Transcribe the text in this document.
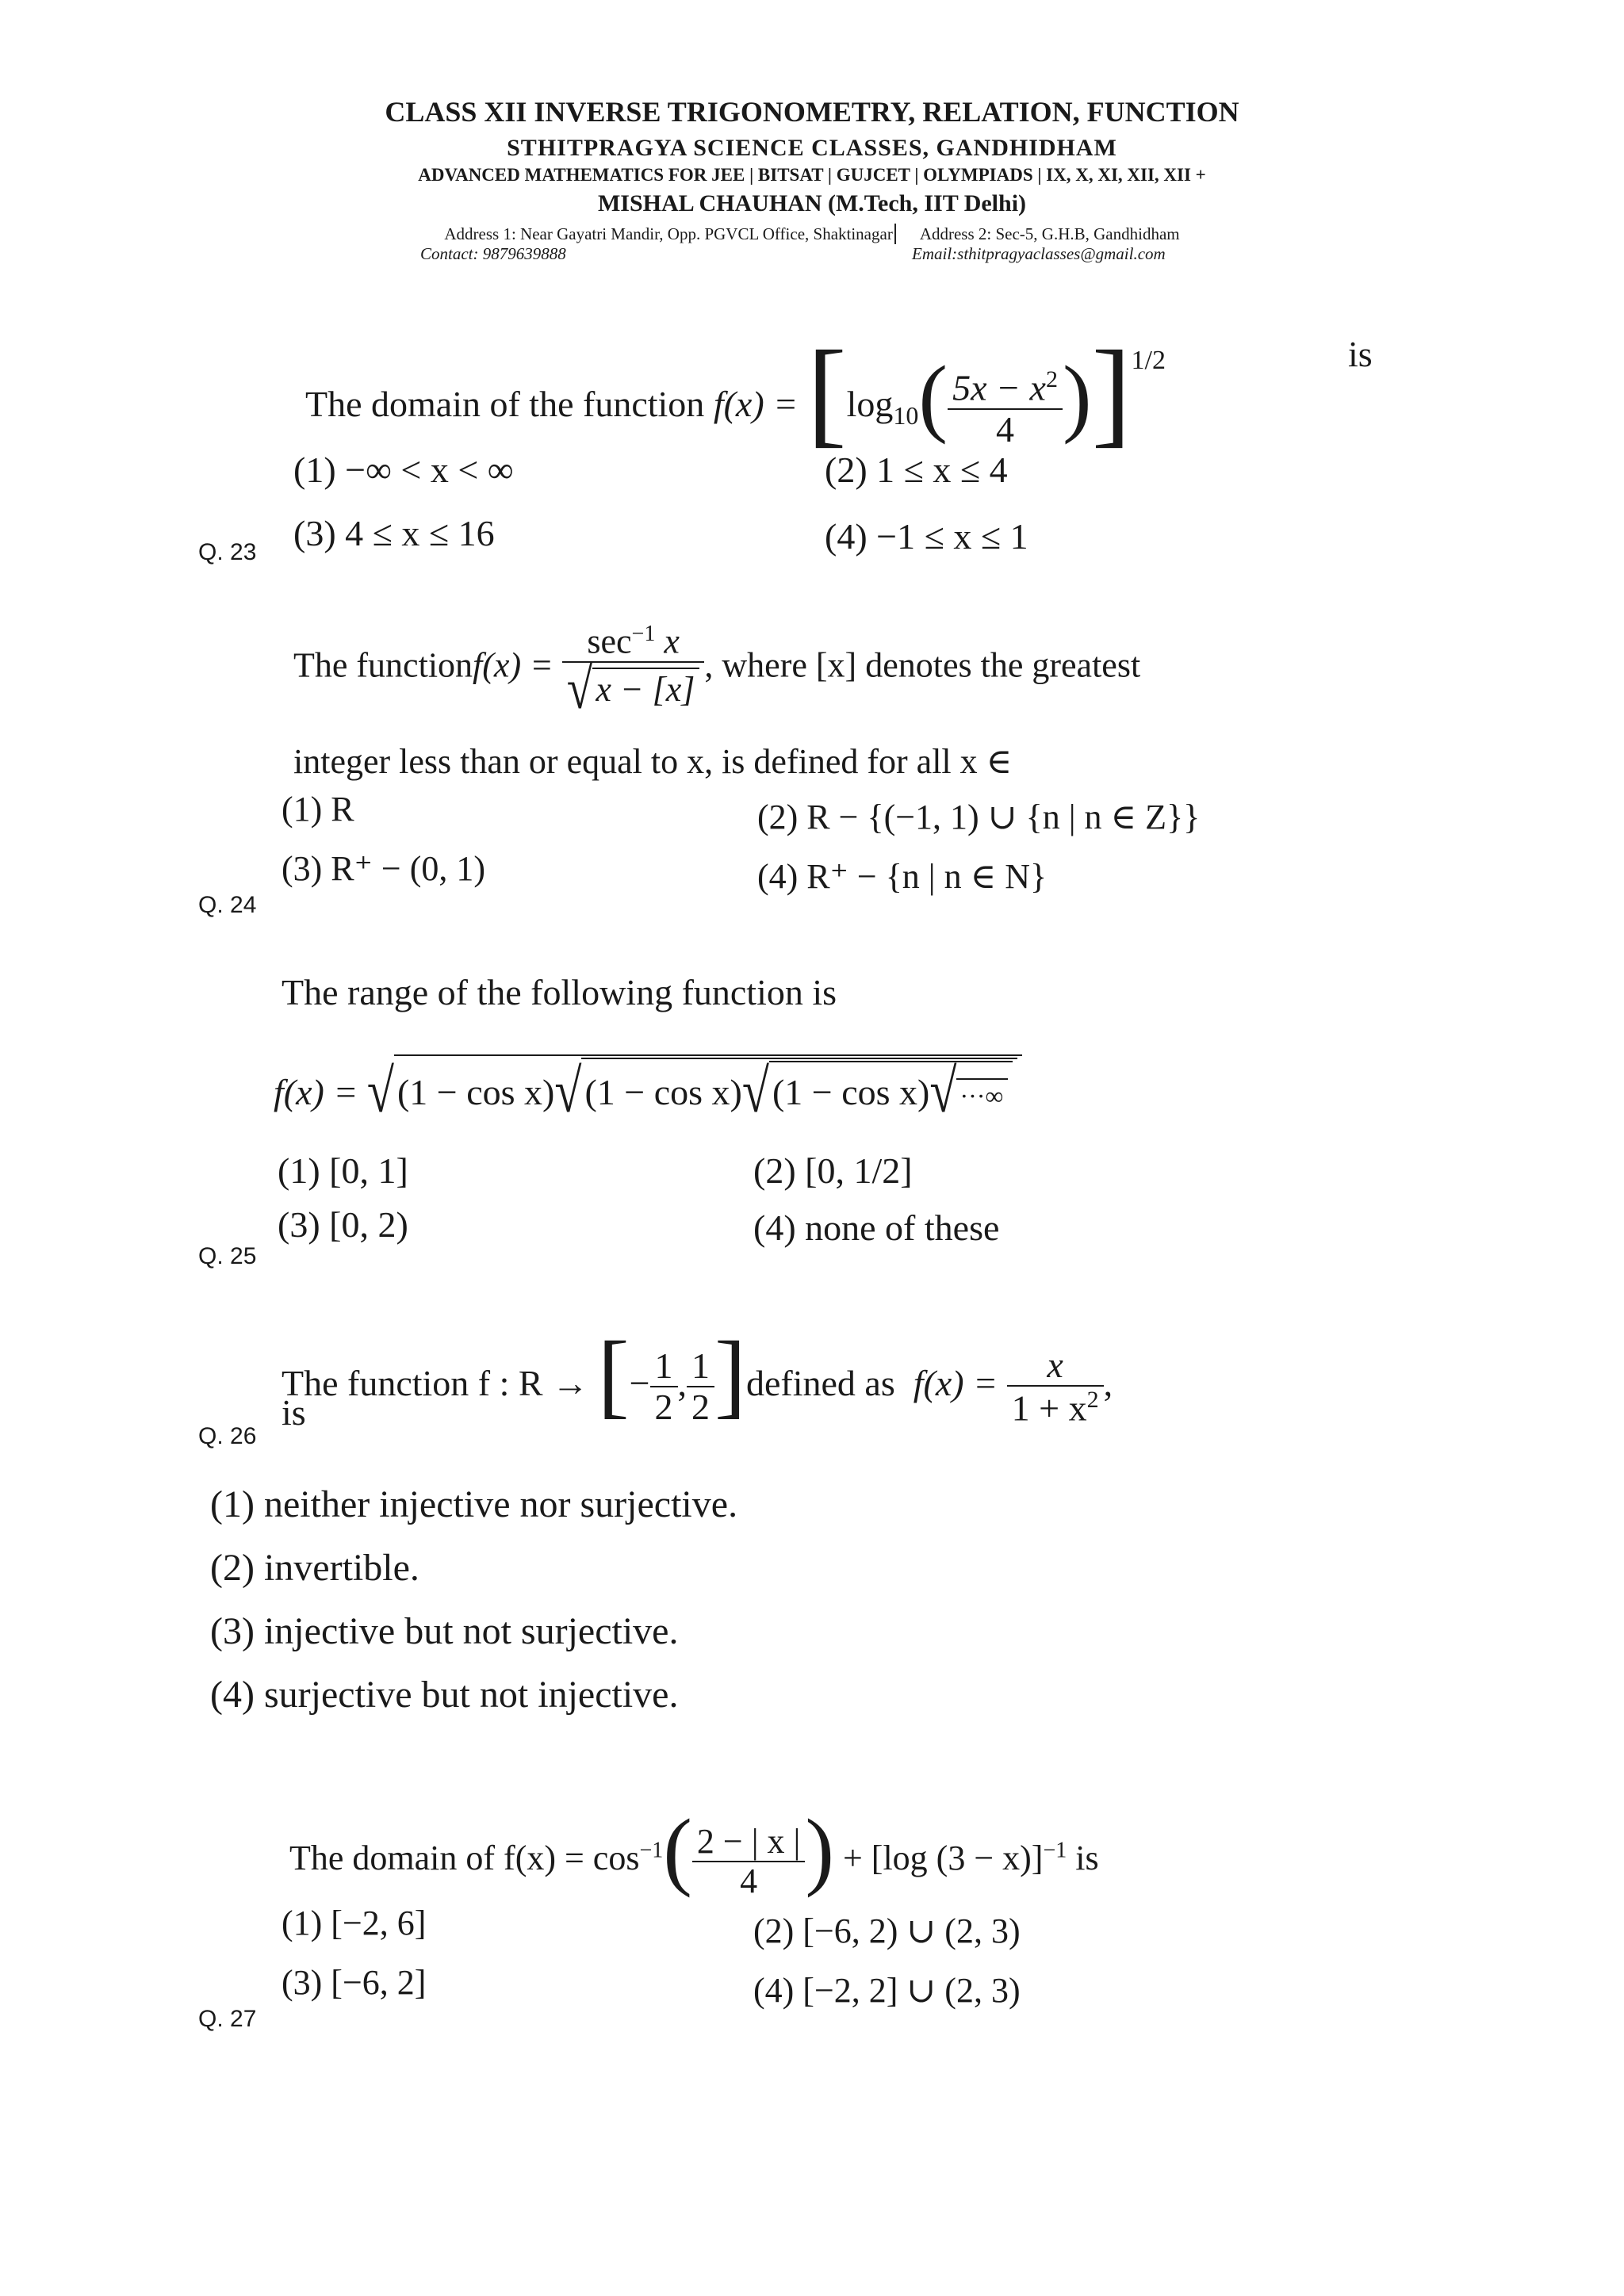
CLASS XII INVERSE TRIGONOMETRY, RELATION, FUNCTION
STHITPRAGYA SCIENCE CLASSES, GANDHIDHAM
ADVANCED MATHEMATICS FOR JEE | BITSAT | GUJCET | OLYMPIADS | IX, X, XI, XII, XII +
MISHAL CHAUHAN (M.Tech, IIT Delhi)
Address 1: Near Gayatri Mandir, Opp. PGVCL Office, Shaktinagar Address 2: Sec-5, G.H.B, Gandhidham
Contact: 9879639888	Email:sthitpragyaclasses@gmail.com
Q. 23
The domain of the function $f(x) = [\log_{10}( \frac{5x - x^2}{4} )]^{1/2}$	is
(1) −∞ < x < ∞	(2) 1 ≤ x ≤ 4
(3) 4 ≤ x ≤ 16	(4) −1 ≤ x ≤ 1
Q. 24
The functionf(x) = $\frac{\sec^{-1} x}{√x - [x]}$ , where [x] denotes the greatest
integer less than or equal to x, is defined for all x ∈
(1) R	(2) R − {(−1, 1) ∪ {n | n ∈ Z}}
(3) R⁺ − (0, 1)	(4) R⁺ − {n | n ∈ N}
Q. 25
The range of the following function is
f(x) = √(1 − cos x)√(1 − cos x)√(1 − cos x)√ ···∞
(1) [0, 1]	(2) [0, 1/2]
(3) [0, 2)	(4) none of these
Q. 26
The function f : R → [− $\frac{1}{2}$ , $\frac{1}{2}$ ]defined as $f(x) = \frac{x}{1 + x^2}$ ,
is
(1) neither injective nor surjective.
(2) invertible.
(3) injective but not surjective.
(4) surjective but not injective.
Q. 27
The domain of $f(x) = \cos^{-1}( \frac{2 - | x |}{4}$ ) + [log (3 − x)]$^{-1}$ is
(1) [−2, 6]	(2) [−6, 2) ∪ (2, 3)
(3) [−6, 2]	(4) [−2, 2] ∪ (2, 3)
